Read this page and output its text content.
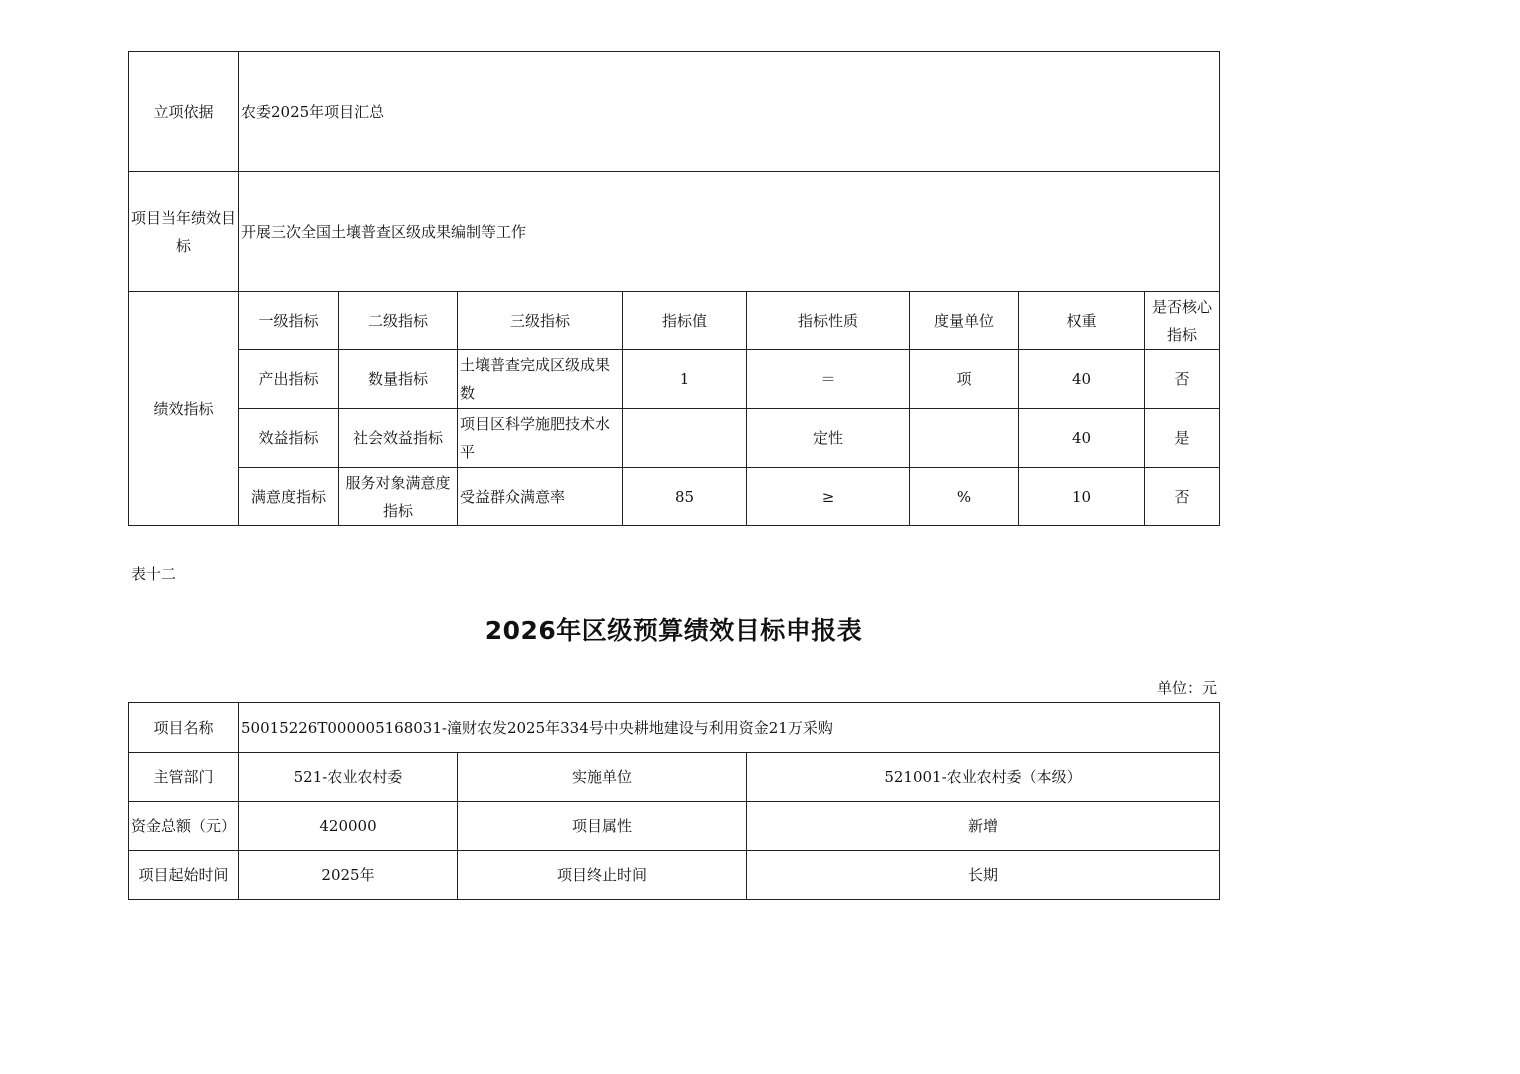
立项依据	农委2025年项目汇总							
项目当年绩效目标	开展三次全国土壤普查区级成果编制等工作							
绩效指标	一级指标	二级指标	三级指标	指标值	指标性质	度量单位	权重	是否核心指标
	产出指标	数量指标	土壤普查完成区级成果数	1	＝	项	40	否
	效益指标	社会效益指标	项目区科学施肥技术水平		定性		40	是
	满意度指标	服务对象满意度指标	受益群众满意率	85	≥	%	10	否
表十二
2026年区级预算绩效目标申报表
单位：元
项目名称	50015226T000005168031-潼财农发2025年334号中央耕地建设与利用资金21万采购		
主管部门	521-农业农村委	实施单位	521001-农业农村委（本级）
资金总额（元）	420000	项目属性	新增
项目起始时间	2025年	项目终止时间	长期
